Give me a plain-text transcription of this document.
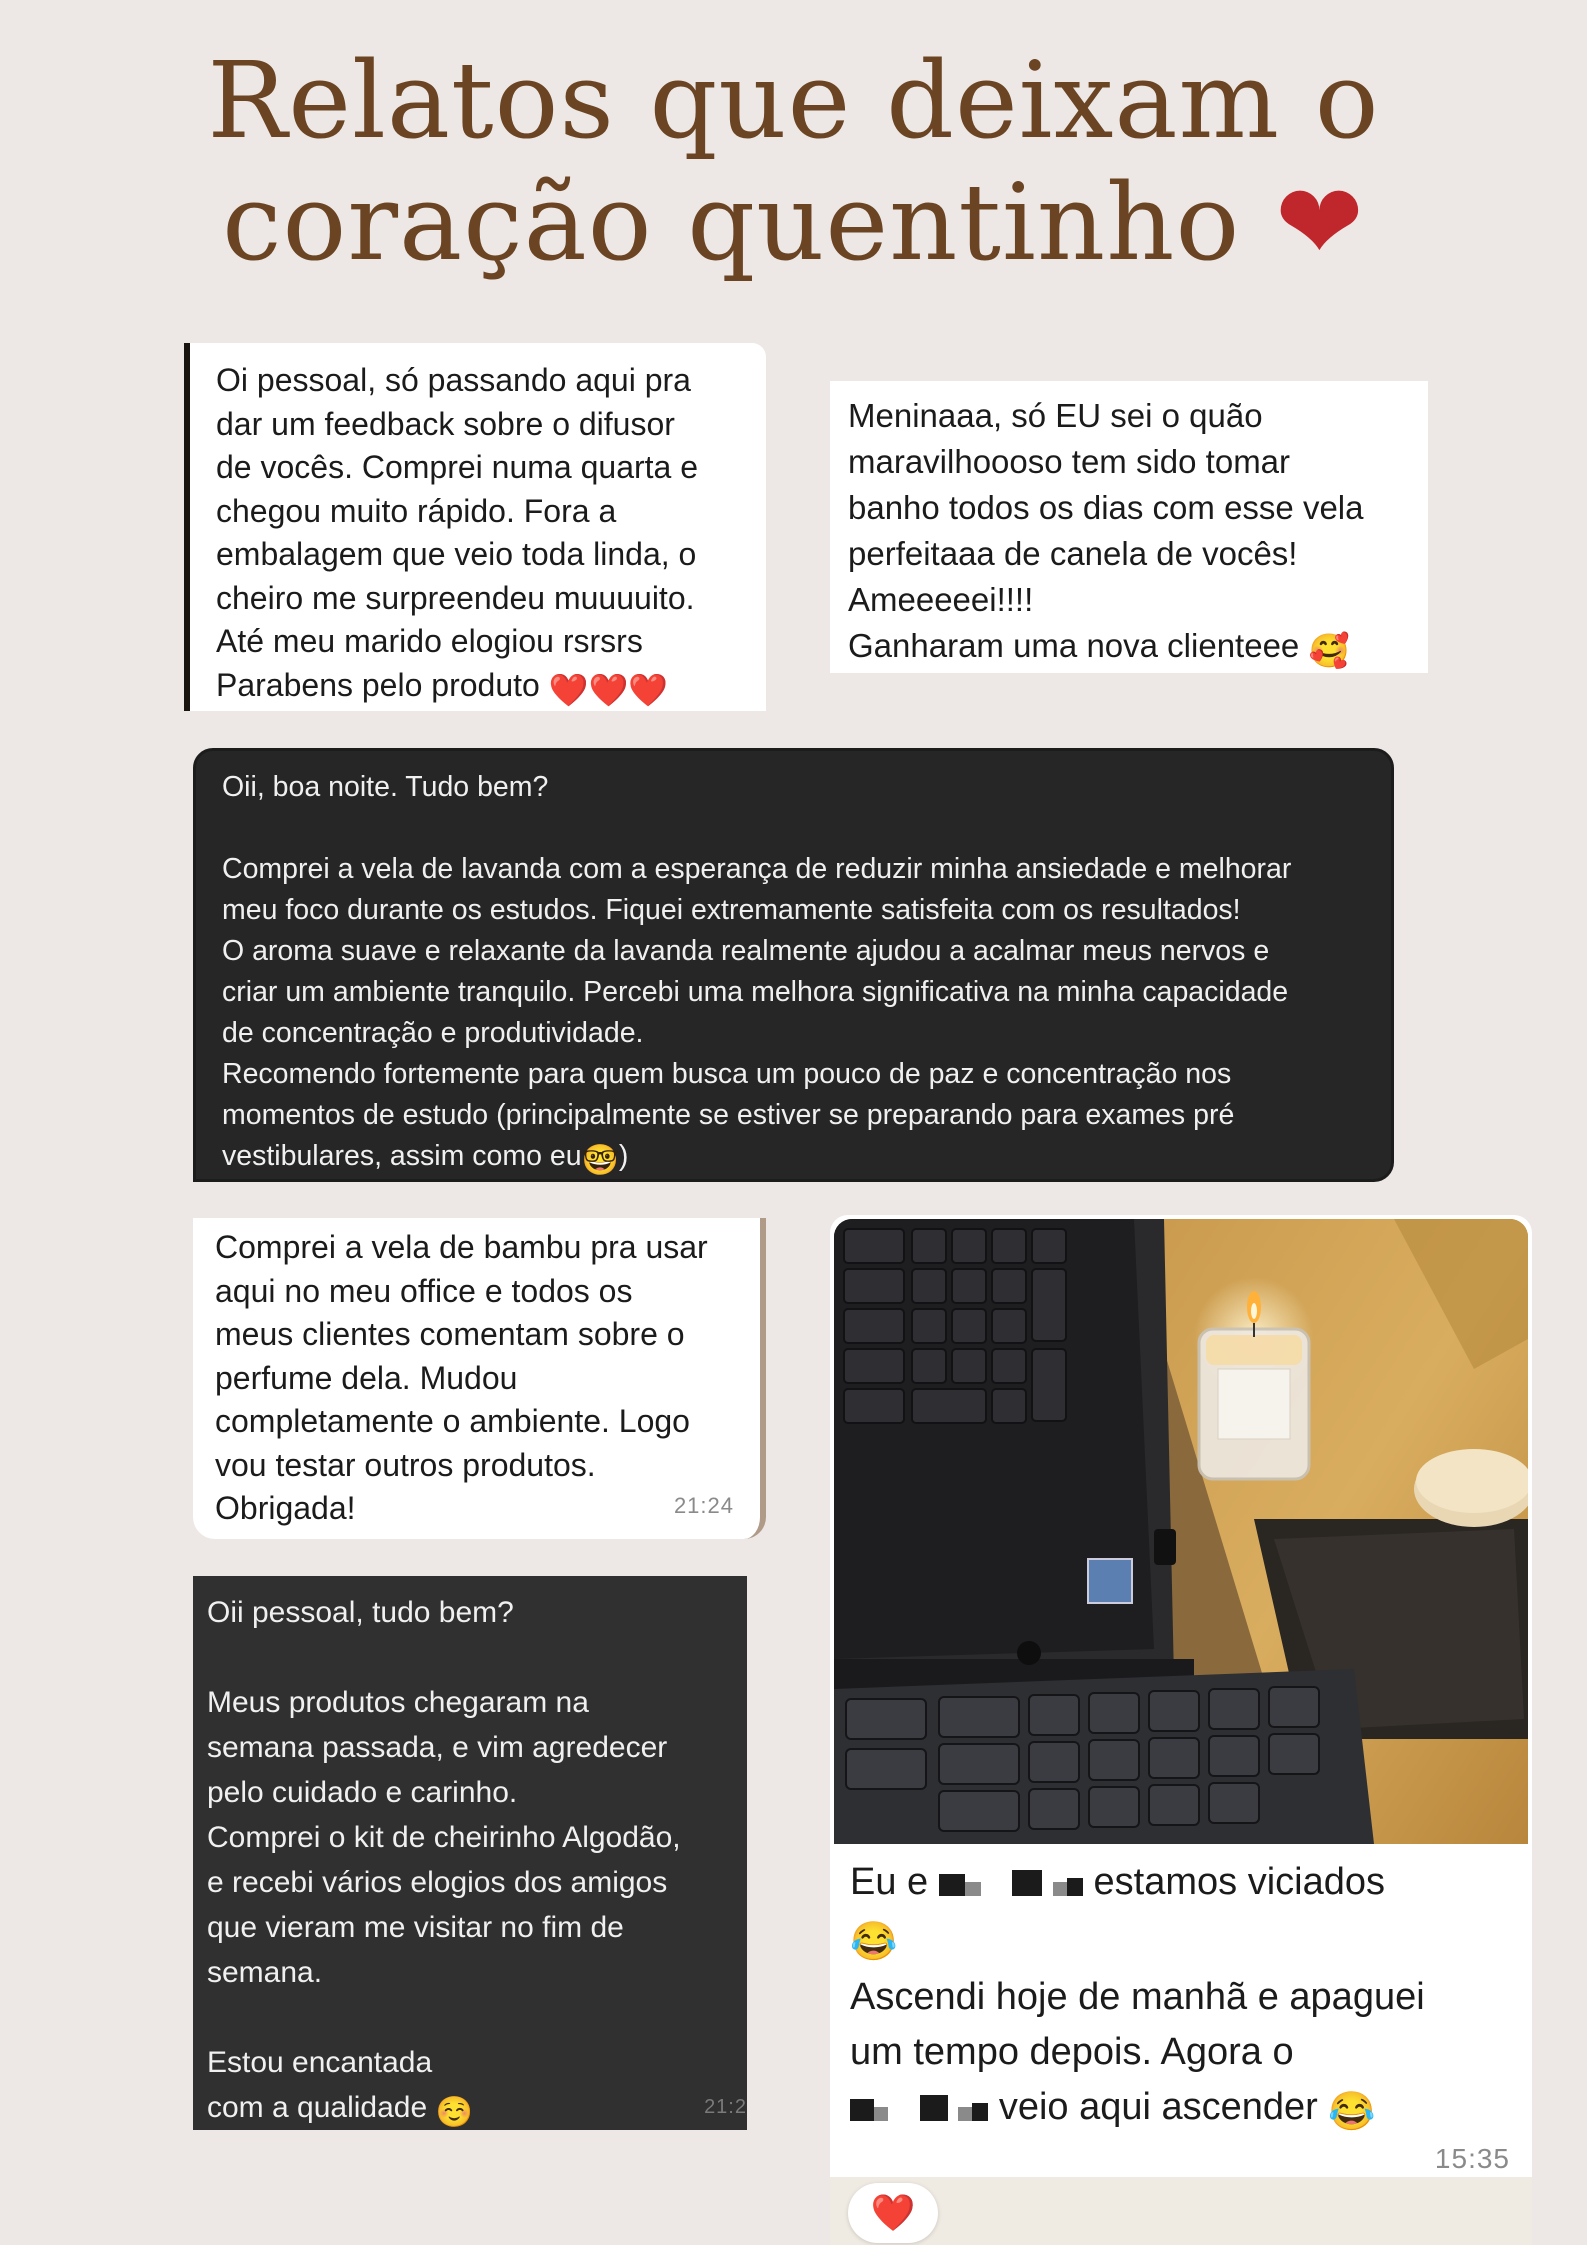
Relatos que deixam o
coração quentinho ❤
Oi pessoal, só passando aqui pra
dar um feedback sobre o difusor
de vocês. Comprei numa quarta e
chegou muito rápido. Fora a
embalagem que veio toda linda, o
cheiro me surpreendeu muuuuito.
Até meu marido elogiou rsrsrs
Parabens pelo produto ❤️❤️❤️
Meninaaa, só EU sei o quão
maravilhoooso tem sido tomar
banho todos os dias com esse vela
perfeitaaa de canela de vocês!
Ameeeeei!!!!
Ganharam uma nova clienteee 🥰
Oii, boa noite. Tudo bem?

Comprei a vela de lavanda com a esperança de reduzir minha ansiedade e melhorar
meu foco durante os estudos. Fiquei extremamente satisfeita com os resultados!
O aroma suave e relaxante da lavanda realmente ajudou a acalmar meus nervos e
criar um ambiente tranquilo. Percebi uma melhora significativa na minha capacidade
de concentração e produtividade.
Recomendo fortemente para quem busca um pouco de paz e concentração nos
momentos de estudo (principalmente se estiver se preparando para exames pré
vestibulares, assim como eu🤓)
Comprei a vela de bambu pra usar
aqui no meu office e todos os
meus clientes comentam sobre o
perfume dela. Mudou
completamente o ambiente. Logo
vou testar outros produtos.
Obrigada!	21:24
Oii pessoal, tudo bem?

Meus produtos chegaram na
semana passada, e vim agredecer
pelo cuidado e carinho.
Comprei o kit de cheirinho Algodão,
e recebi vários elogios dos amigos
que vieram me visitar no fim de
semana.

Estou encantada
com a qualidade ☺️	21:2
Eu e	estamos viciados
😂
Ascendi hoje de manhã e apaguei
um tempo depois. Agora o
veio aqui ascender 😂
15:35
❤️
